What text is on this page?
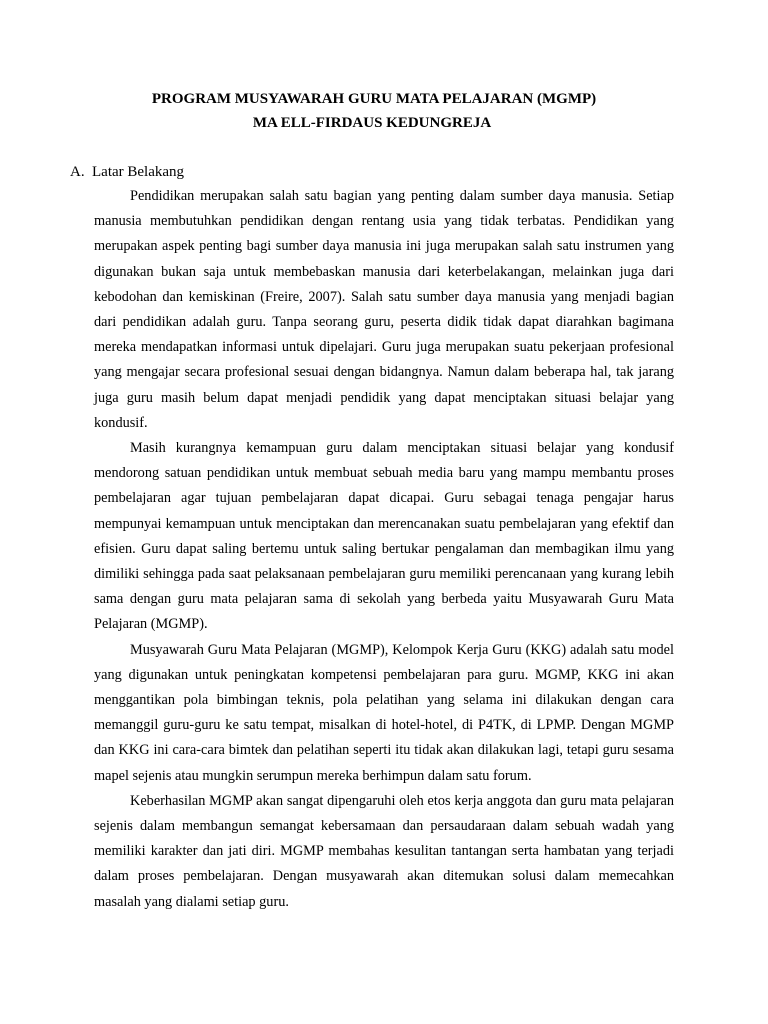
PROGRAM MUSYAWARAH GURU MATA PELAJARAN (MGMP)
MA ELL-FIRDAUS KEDUNGREJA
A. Latar Belakang

Pendidikan merupakan salah satu bagian yang penting dalam sumber daya manusia. Setiap manusia membutuhkan pendidikan dengan rentang usia yang tidak terbatas. Pendidikan yang merupakan aspek penting bagi sumber daya manusia ini juga merupakan salah satu instrumen yang digunakan bukan saja untuk membebaskan manusia dari keterbelakangan, melainkan juga dari kebodohan dan kemiskinan (Freire, 2007). Salah satu sumber daya manusia yang menjadi bagian dari pendidikan adalah guru. Tanpa seorang guru, peserta didik tidak dapat diarahkan bagimana mereka mendapatkan informasi untuk dipelajari. Guru juga merupakan suatu pekerjaan profesional yang mengajar secara profesional sesuai dengan bidangnya. Namun dalam beberapa hal, tak jarang juga guru masih belum dapat menjadi pendidik yang dapat menciptakan situasi belajar yang kondusif.

Masih kurangnya kemampuan guru dalam menciptakan situasi belajar yang kondusif mendorong satuan pendidikan untuk membuat sebuah media baru yang mampu membantu proses pembelajaran agar tujuan pembelajaran dapat dicapai. Guru sebagai tenaga pengajar harus mempunyai kemampuan untuk menciptakan dan merencanakan suatu pembelajaran yang efektif dan efisien. Guru dapat saling bertemu untuk saling bertukar pengalaman dan membagikan ilmu yang dimiliki sehingga pada saat pelaksanaan pembelajaran guru memiliki perencanaan yang kurang lebih sama dengan guru mata pelajaran sama di sekolah yang berbeda yaitu Musyawarah Guru Mata Pelajaran (MGMP).

Musyawarah Guru Mata Pelajaran (MGMP), Kelompok Kerja Guru (KKG) adalah satu model yang digunakan untuk peningkatan kompetensi pembelajaran para guru. MGMP, KKG ini akan menggantikan pola bimbingan teknis, pola pelatihan yang selama ini dilakukan dengan cara memanggil guru-guru ke satu tempat, misalkan di hotel-hotel, di P4TK, di LPMP. Dengan MGMP dan KKG ini cara-cara bimtek dan pelatihan seperti itu tidak akan dilakukan lagi, tetapi guru sesama mapel sejenis atau mungkin serumpun mereka berhimpun dalam satu forum.

Keberhasilan MGMP akan sangat dipengaruhi oleh etos kerja anggota dan guru mata pelajaran sejenis dalam membangun semangat kebersamaan dan persaudaraan dalam sebuah wadah yang memiliki karakter dan jati diri. MGMP membahas kesulitan tantangan serta hambatan yang terjadi dalam proses pembelajaran. Dengan musyawarah akan ditemukan solusi dalam memecahkan masalah yang dialami setiap guru.
